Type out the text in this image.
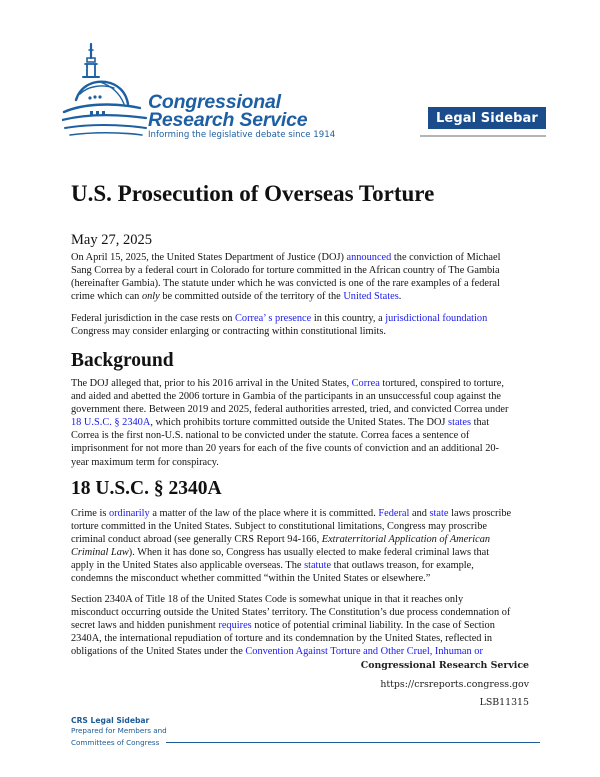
Congressional
Research Service
Informing the legislative debate since 1914
Legal Sidebar
U.S. Prosecution of Overseas Torture
May 27, 2025
On April 15, 2025, the United States Department of Justice (DOJ) announced the conviction of Michael
Sang Correa by a federal court in Colorado for torture committed in the African country of The Gambia
(hereinafter Gambia). The statute under which he was convicted is one of the rare examples of a federal
crime which can only be committed outside of the territory of the United States.
Federal jurisdiction in the case rests on Correa’ s presence in this country, a jurisdictional foundation
Congress may consider enlarging or contracting within constitutional limits.
Background
The DOJ alleged that, prior to his 2016 arrival in the United States, Correa tortured, conspired to torture,
and aided and abetted the 2006 torture in Gambia of the participants in an unsuccessful coup against the
government there. Between 2019 and 2025, federal authorities arrested, tried, and convicted Correa under
18 U.S.C. § 2340A, which prohibits torture committed outside the United States. The DOJ states that
Correa is the first non-U.S. national to be convicted under the statute. Correa faces a sentence of
imprisonment for not more than 20 years for each of the five counts of conviction and an additional 20-
year maximum term for conspiracy.
18 U.S.C. § 2340A
Crime is ordinarily a matter of the law of the place where it is committed. Federal and state laws proscribe
torture committed in the United States. Subject to constitutional limitations, Congress may proscribe
criminal conduct abroad (see generally CRS Report 94-166, Extraterritorial Application of American
Criminal Law). When it has done so, Congress has usually elected to make federal criminal laws that
apply in the United States also applicable overseas. The statute that outlaws treason, for example,
condemns the misconduct whether committed “within the United States or elsewhere.”
Section 2340A of Title 18 of the United States Code is somewhat unique in that it reaches only
misconduct occurring outside the United States’ territory. The Constitution’s due process condemnation of
secret laws and hidden punishment requires notice of potential criminal liability. In the case of Section
2340A, the international repudiation of torture and its condemnation by the United States, reflected in
obligations of the United States under the Convention Against Torture and Other Cruel, Inhuman or
Congressional Research Service
https://crsreports.congress.gov
LSB11315
CRS Legal Sidebar
Prepared for Members and
Committees of Congress
